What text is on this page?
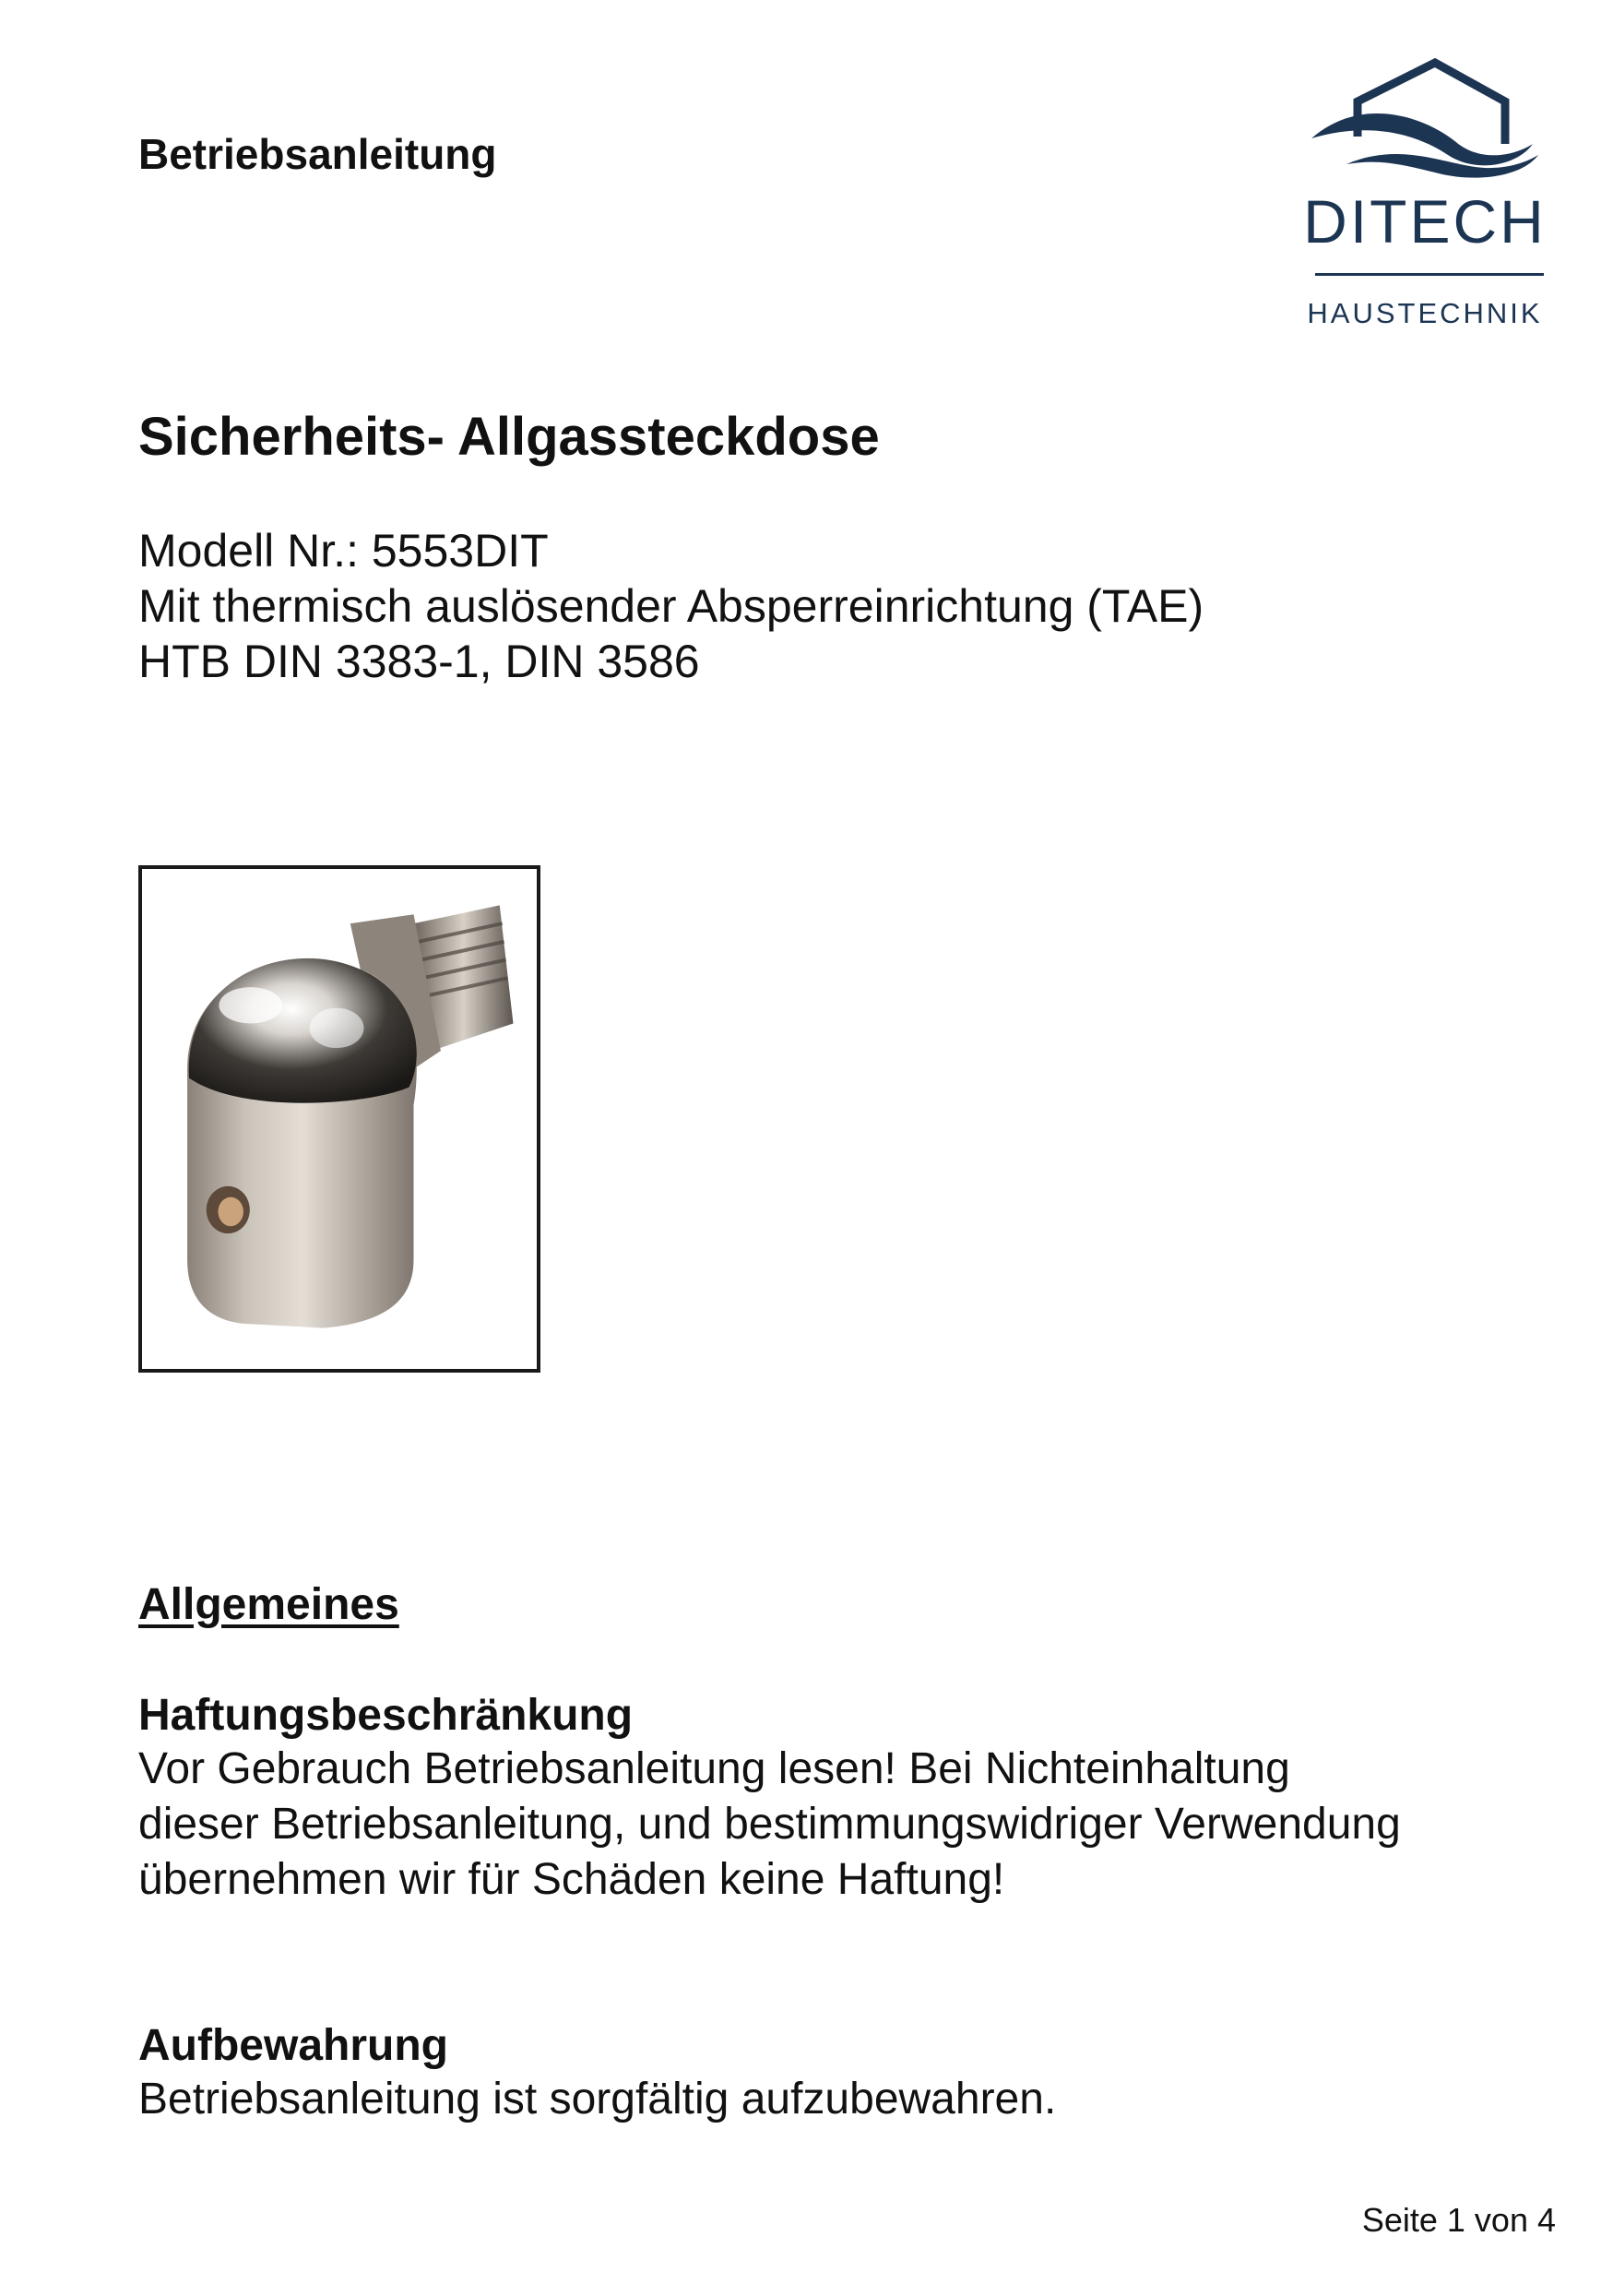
Betriebsanleitung
DITECH
HAUSTECHNIK
Sicherheits- Allgassteckdose
Modell Nr.: 5553DIT
Mit thermisch auslösender Absperreinrichtung (TAE)
HTB DIN 3383-1, DIN 3586
Allgemeines
Haftungsbeschränkung
Vor Gebrauch Betriebsanleitung lesen! Bei Nichteinhaltung
dieser Betriebsanleitung, und bestimmungswidriger Verwendung
übernehmen wir für Schäden keine Haftung!
Aufbewahrung
Betriebsanleitung ist sorgfältig aufzubewahren.
Seite 1 von 4
